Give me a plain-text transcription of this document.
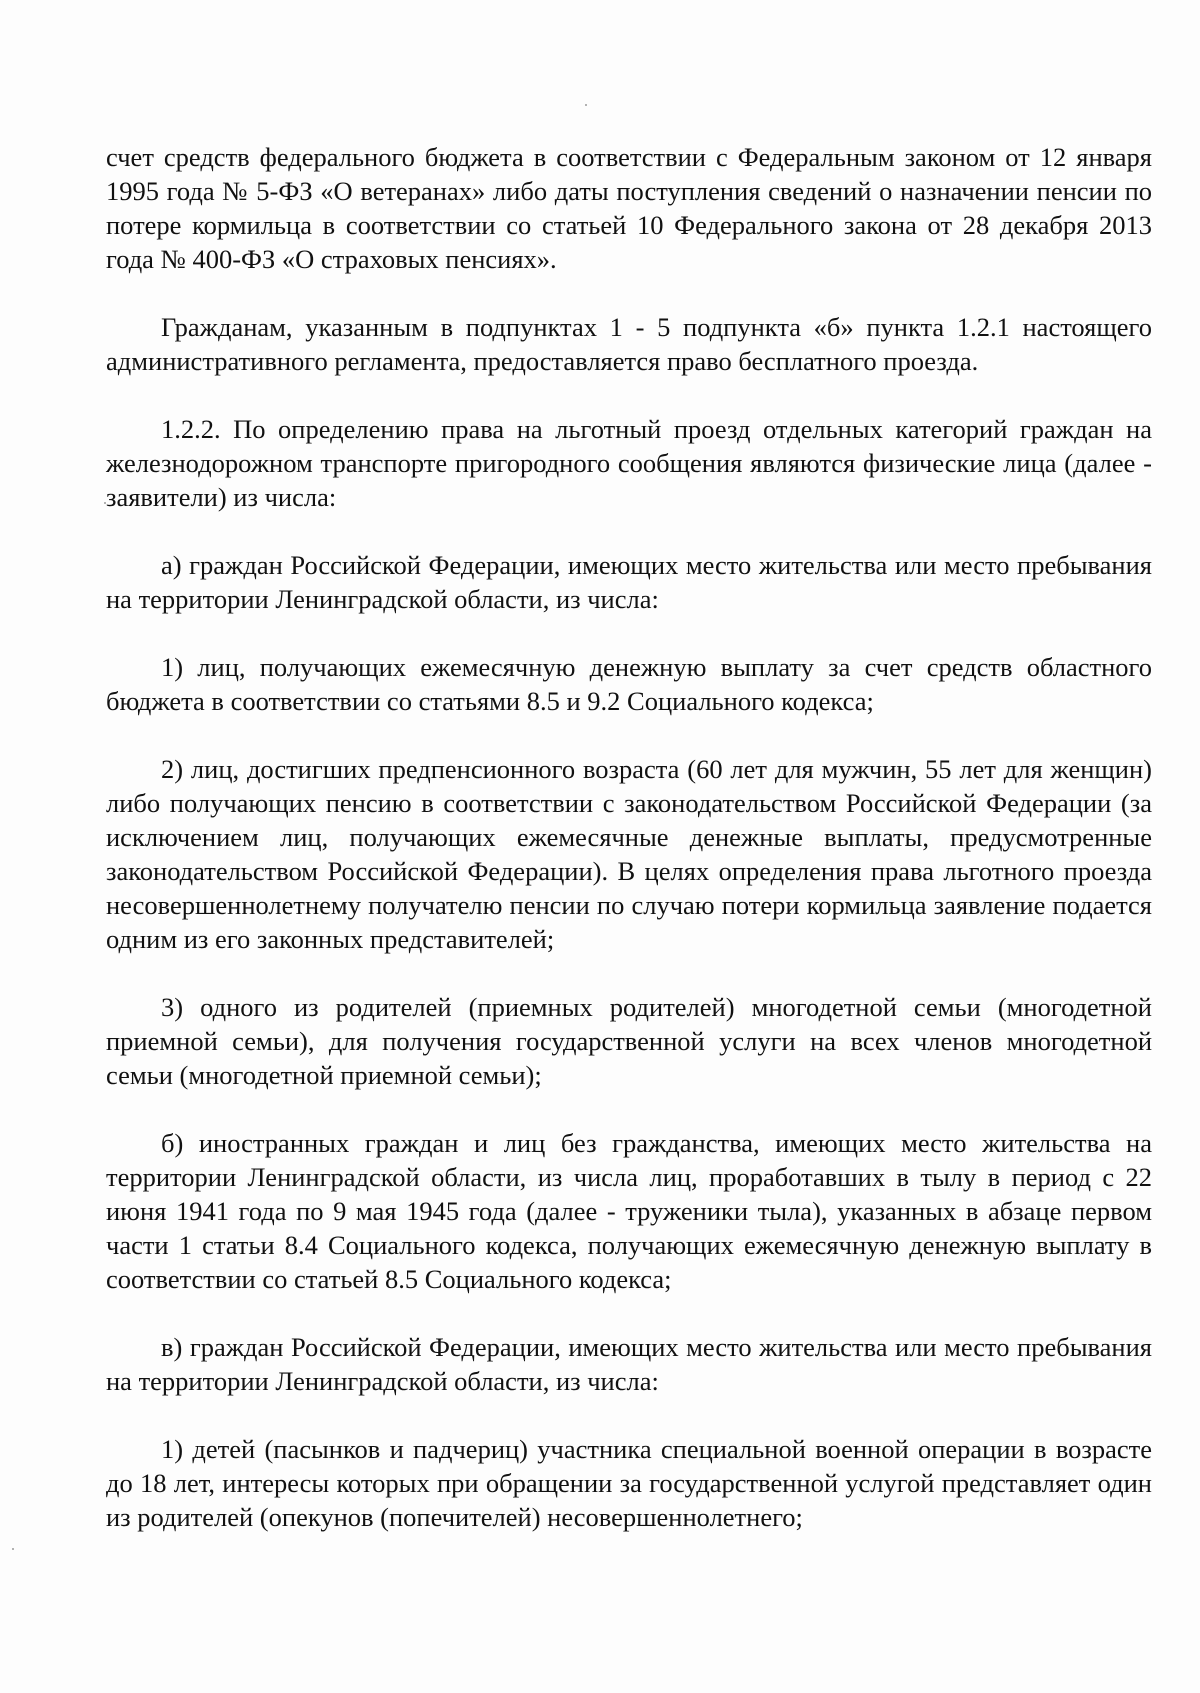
счет средств федерального бюджета в соответствии с Федеральным законом от 12 января 1995 года № 5-ФЗ «О ветеранах» либо даты поступления сведений о назначении пенсии по потере кормильца в соответствии со статьей 10 Федерального закона от 28 декабря 2013 года № 400-ФЗ «О страховых пенсиях».

Гражданам, указанным в подпунктах 1 - 5 подпункта «б» пункта 1.2.1 настоящего административного регламента, предоставляется право бесплатного проезда.

1.2.2. По определению права на льготный проезд отдельных категорий граждан на железнодорожном транспорте пригородного сообщения являются физические лица (далее - заявители) из числа:

а) граждан Российской Федерации, имеющих место жительства или место пребывания на территории Ленинградской области, из числа:

1) лиц, получающих ежемесячную денежную выплату за счет средств областного бюджета в соответствии со статьями 8.5 и 9.2 Социального кодекса;

2) лиц, достигших предпенсионного возраста (60 лет для мужчин, 55 лет для женщин) либо получающих пенсию в соответствии с законодательством Российской Федерации (за исключением лиц, получающих ежемесячные денежные выплаты, предусмотренные законодательством Российской Федерации). В целях определения права льготного проезда несовершеннолетнему получателю пенсии по случаю потери кормильца заявление подается одним из его законных представителей;

3) одного из родителей (приемных родителей) многодетной семьи (многодетной приемной семьи), для получения государственной услуги на всех членов многодетной семьи (многодетной приемной семьи);

б) иностранных граждан и лиц без гражданства, имеющих место жительства на территории Ленинградской области, из числа лиц, проработавших в тылу в период с 22 июня 1941 года по 9 мая 1945 года (далее - труженики тыла), указанных в абзаце первом части 1 статьи 8.4 Социального кодекса, получающих ежемесячную денежную выплату в соответствии со статьей 8.5 Социального кодекса;

в) граждан Российской Федерации, имеющих место жительства или место пребывания на территории Ленинградской области, из числа:

1) детей (пасынков и падчериц) участника специальной военной операции в возрасте до 18 лет, интересы которых при обращении за государственной услугой представляет один из родителей (опекунов (попечителей) несовершеннолетнего;
